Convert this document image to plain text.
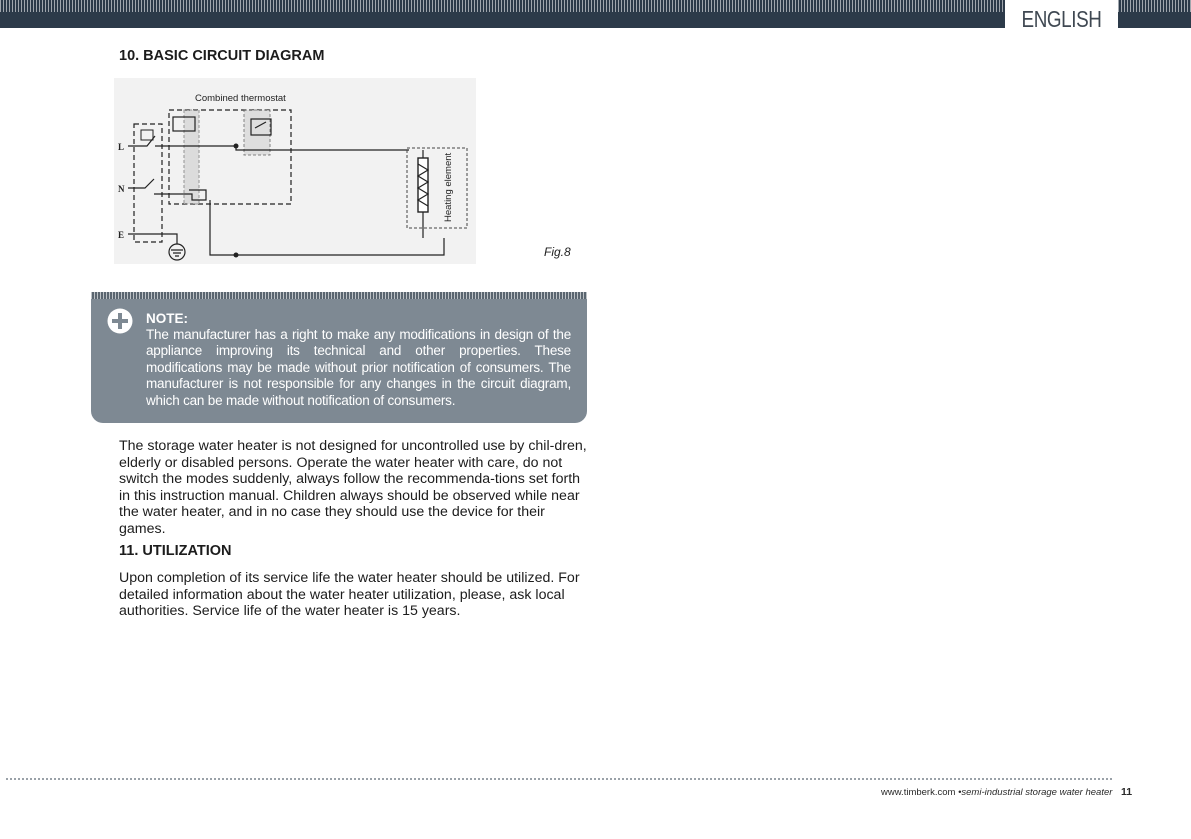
ENGLISH
10. BASIC CIRCUIT DIAGRAM
Combined thermostat
Heating element
L
N
E
Fig.8
NOTE:
The manufacturer has a right to make any modifications in design of the appliance improving its technical and other properties. These modifications may be made without prior notification of consumers. The manufacturer is not responsible for any changes in the circuit diagram, which can be made without notification of consumers.
The storage water heater is not designed for uncontrolled use by chil-dren, elderly or disabled persons. Operate the water heater with care, do not switch the modes suddenly, always follow the recommenda-tions set forth in this instruction manual. Children always should be observed while near the water heater, and in no case they should use the device for their games.
11. UTILIZATION
Upon completion of its service life the water heater should be utilized. For detailed information about the water heater utilization, please, ask local authorities. Service life of the water heater is 15 years.
www.timberk.com •semi-industrial storage water heater 11
